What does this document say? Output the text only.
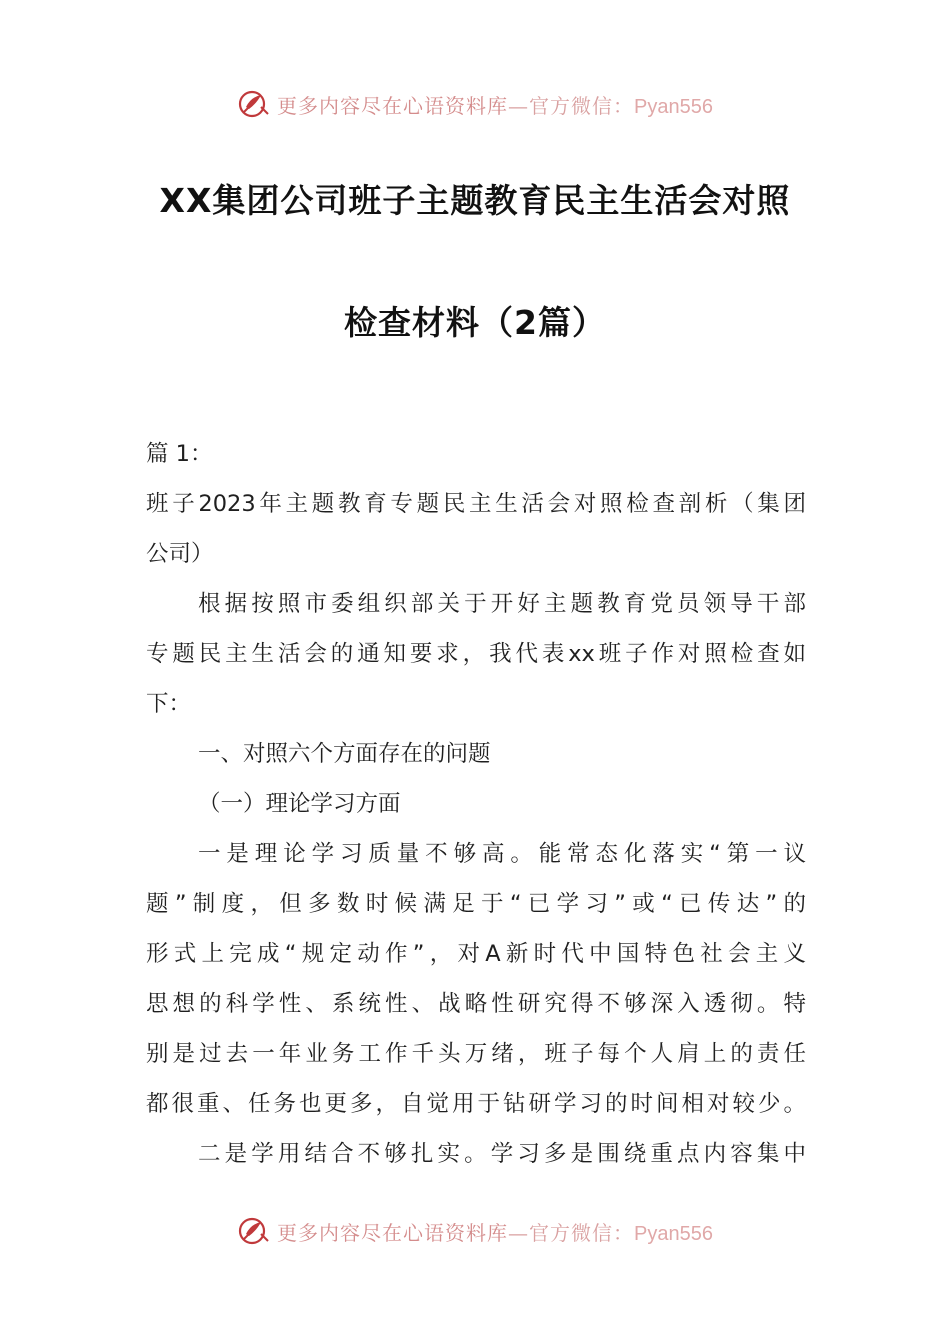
更多内容尽在心语资料库—官方微信：Pyan556
XX集团公司班子主题教育民主生活会对照
检查材料（2篇）
篇 1：
班子2023年主题教育专题民主生活会对照检查剖析（集团
公司）
根据按照市委组织部关于开好主题教育党员领导干部
专题民主生活会的通知要求，我代表xx班子作对照检查如
下：
一、对照六个方面存在的问题
（一）理论学习方面
一是理论学习质量不够高。能常态化落实“第一议
题”制度，但多数时候满足于“已学习”或“已传达”的
形式上完成“规定动作”，对A新时代中国特色社会主义
思想的科学性、系统性、战略性研究得不够深入透彻。特
别是过去一年业务工作千头万绪，班子每个人肩上的责任
都很重、任务也更多，自觉用于钻研学习的时间相对较少。
二是学用结合不够扎实。学习多是围绕重点内容集中
更多内容尽在心语资料库—官方微信：Pyan556
